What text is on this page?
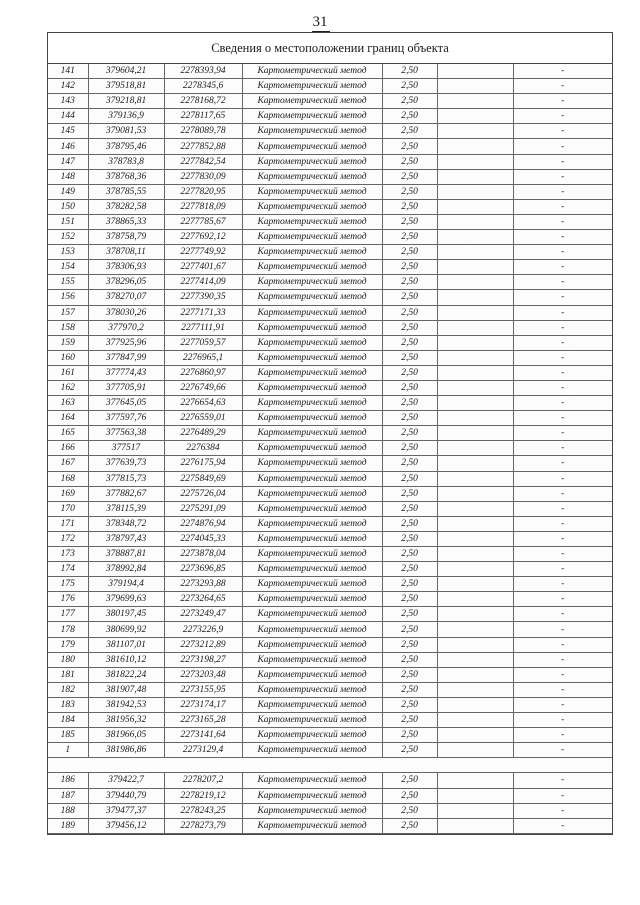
31
Сведения о местоположении границ объекта
141	379604,21	2278393,94	Картометрический метод	2,50		-
142	379518,81	2278345,6	Картометрический метод	2,50		-
143	379218,81	2278168,72	Картометрический метод	2,50		-
144	379136,9	2278117,65	Картометрический метод	2,50		-
145	379081,53	2278089,78	Картометрический метод	2,50		-
146	378795,46	2277852,88	Картометрический метод	2,50		-
147	378783,8	2277842,54	Картометрический метод	2,50		-
148	378768,36	2277830,09	Картометрический метод	2,50		-
149	378785,55	2277820,95	Картометрический метод	2,50		-
150	378282,58	2277818,09	Картометрический метод	2,50		-
151	378865,33	2277785,67	Картометрический метод	2,50		-
152	378758,79	2277692,12	Картометрический метод	2,50		-
153	378708,11	2277749,92	Картометрический метод	2,50		-
154	378306,93	2277401,67	Картометрический метод	2,50		-
155	378296,05	2277414,09	Картометрический метод	2,50		-
156	378270,07	2277390,35	Картометрический метод	2,50		-
157	378030,26	2277171,33	Картометрический метод	2,50		-
158	377970,2	2277111,91	Картометрический метод	2,50		-
159	377925,96	2277059,57	Картометрический метод	2,50		-
160	377847,99	2276965,1	Картометрический метод	2,50		-
161	377774,43	2276860,97	Картометрический метод	2,50		-
162	377705,91	2276749,66	Картометрический метод	2,50		-
163	377645,05	2276654,63	Картометрический метод	2,50		-
164	377597,76	2276559,01	Картометрический метод	2,50		-
165	377563,38	2276489,29	Картометрический метод	2,50		-
166	377517	2276384	Картометрический метод	2,50		-
167	377639,73	2276175,94	Картометрический метод	2,50		-
168	377815,73	2275849,69	Картометрический метод	2,50		-
169	377882,67	2275726,04	Картометрический метод	2,50		-
170	378115,39	2275291,09	Картометрический метод	2,50		-
171	378348,72	2274876,94	Картометрический метод	2,50		-
172	378797,43	2274045,33	Картометрический метод	2,50		-
173	378887,81	2273878,04	Картометрический метод	2,50		-
174	378992,84	2273696,85	Картометрический метод	2,50		-
175	379194,4	2273293,88	Картометрический метод	2,50		-
176	379699,63	2273264,65	Картометрический метод	2,50		-
177	380197,45	2273249,47	Картометрический метод	2,50		-
178	380699,92	2273226,9	Картометрический метод	2,50		-
179	381107,01	2273212,89	Картометрический метод	2,50		-
180	381610,12	2273198,27	Картометрический метод	2,50		-
181	381822,24	2273203,48	Картометрический метод	2,50		-
182	381907,48	2273155,95	Картометрический метод	2,50		-
183	381942,53	2273174,17	Картометрический метод	2,50		-
184	381956,32	2273165,28	Картометрический метод	2,50		-
185	381966,05	2273141,64	Картометрический метод	2,50		-
1	381986,86	2273129,4	Картометрический метод	2,50		-

186	379422,7	2278207,2	Картометрический метод	2,50		-
187	379440,79	2278219,12	Картометрический метод	2,50		-
188	379477,37	2278243,25	Картометрический метод	2,50		-
189	379456,12	2278273,79	Картометрический метод	2,50		-
